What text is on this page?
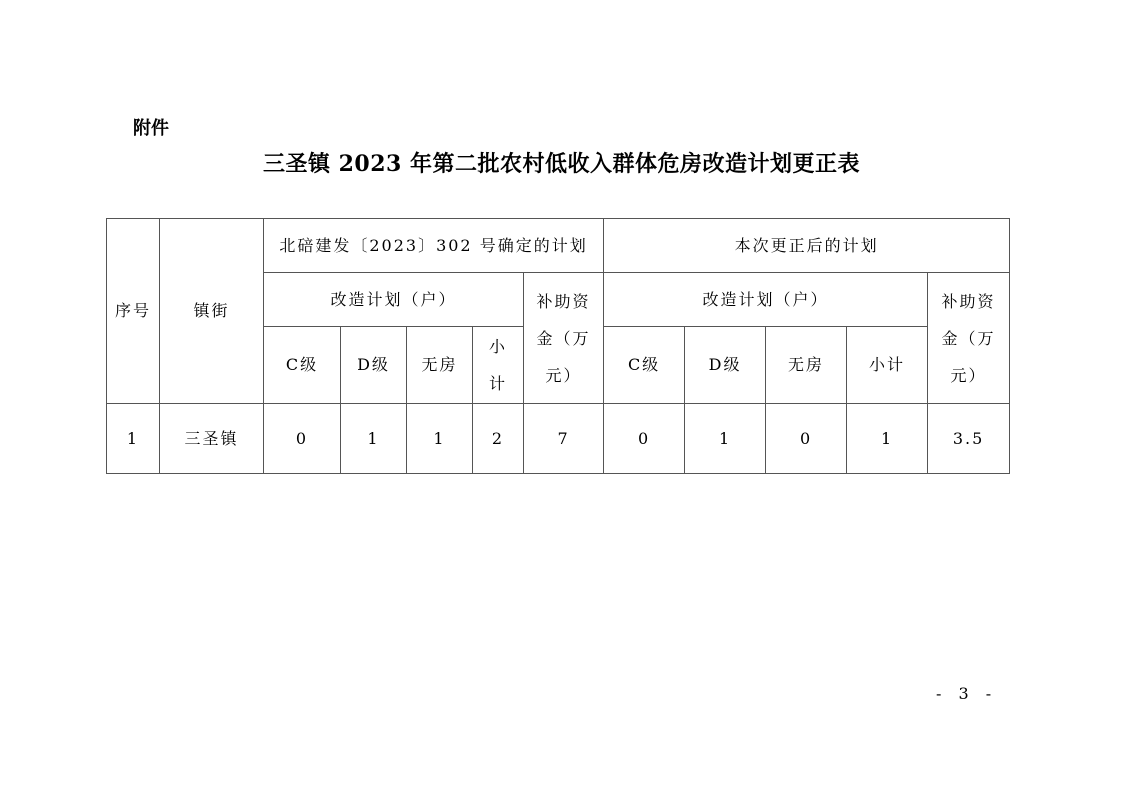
附件
三圣镇 2023 年第二批农村低收入群体危房改造计划更正表
序号	镇街	北碚建发〔2023〕302 号确定的计划					本次更正后的计划				
		改造计划（户）				补助资金（万元）	改造计划（户）				补助资金（万元）
		C级	D级	无房	小计		C级	D级	无房	小计	
1	三圣镇	0	1	1	2	7	0	1	0	1	3.5
- 3 -
